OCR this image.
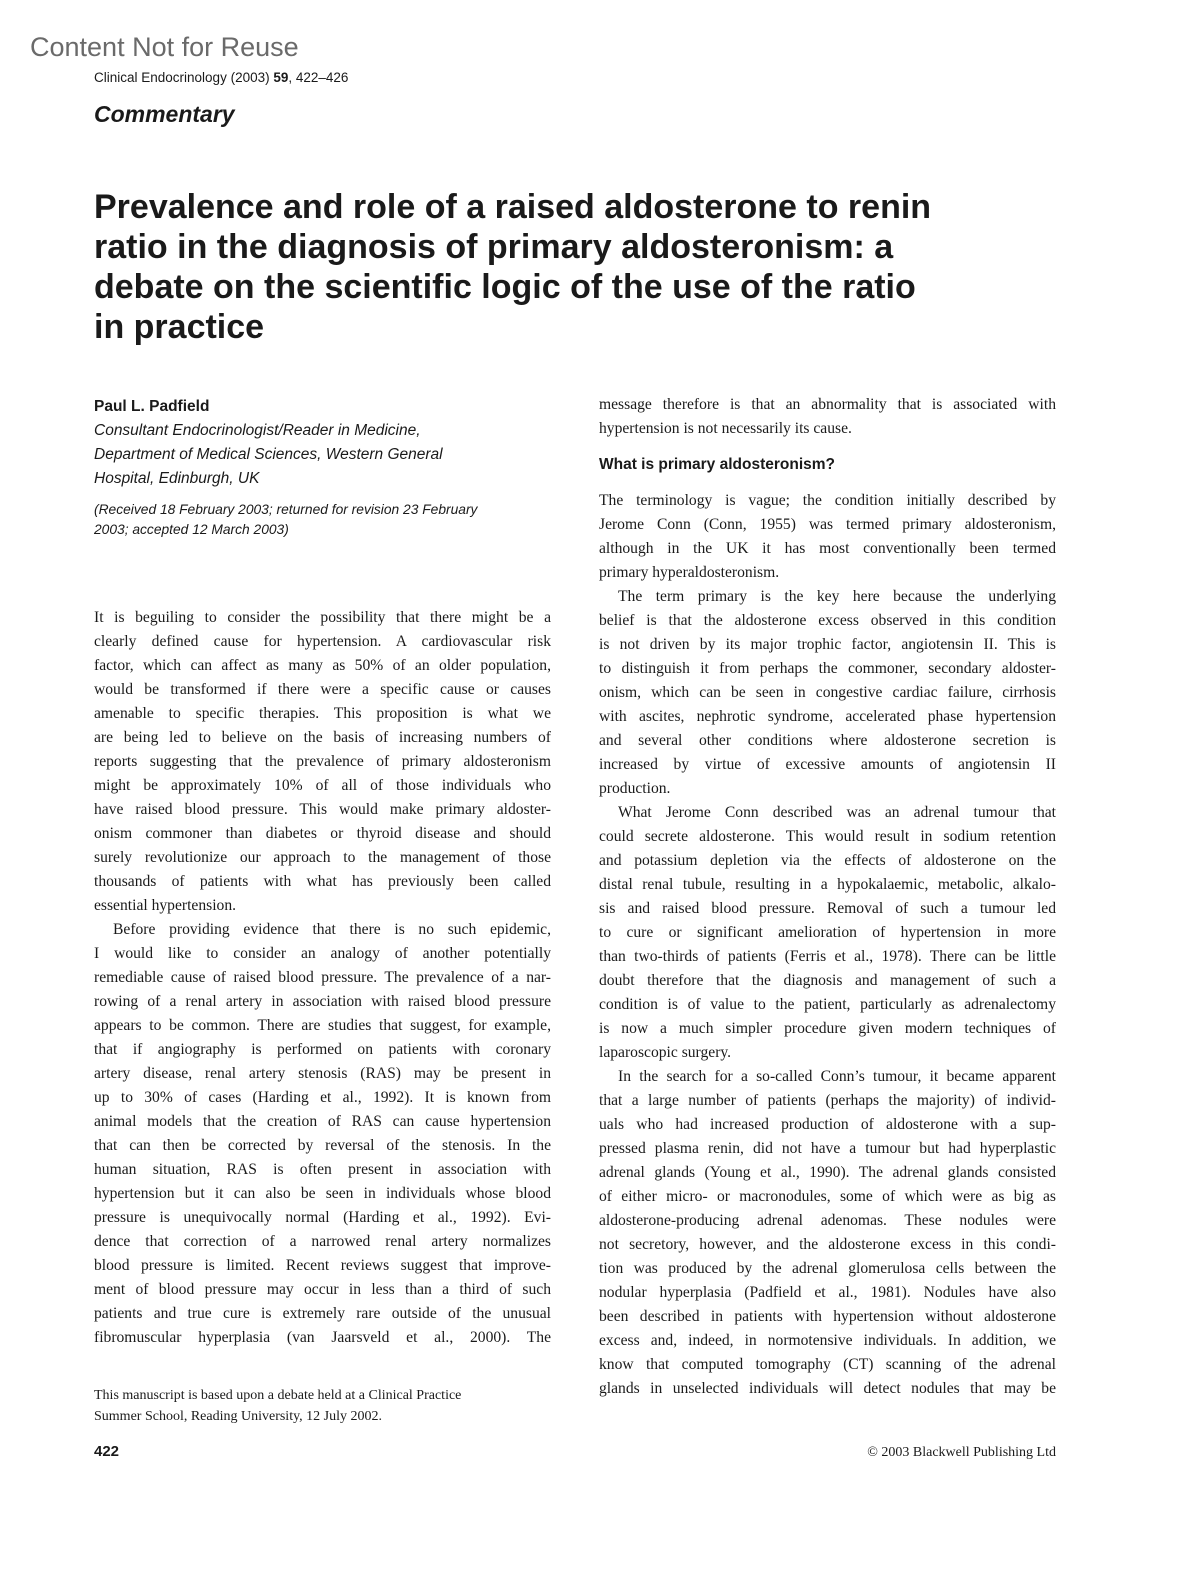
Content Not for Reuse
Clinical Endocrinology (2003) 59, 422–426
Commentary
Prevalence and role of a raised aldosterone to renin
ratio in the diagnosis of primary aldosteronism: a
debate on the scientific logic of the use of the ratio
in practice
Paul L. Padfield
Consultant Endocrinologist/Reader in Medicine,
Department of Medical Sciences, Western General
Hospital, Edinburgh, UK
(Received 18 February 2003; returned for revision 23 February
2003; accepted 12 March 2003)
It is beguiling to consider the possibility that there might be a
clearly defined cause for hypertension. A cardiovascular risk
factor, which can affect as many as 50% of an older population,
would be transformed if there were a specific cause or causes
amenable to specific therapies. This proposition is what we
are being led to believe on the basis of increasing numbers of
reports suggesting that the prevalence of primary aldosteronism
might be approximately 10% of all of those individuals who
have raised blood pressure. This would make primary aldoster-
onism commoner than diabetes or thyroid disease and should
surely revolutionize our approach to the management of those
thousands of patients with what has previously been called
essential hypertension.
Before providing evidence that there is no such epidemic,
I would like to consider an analogy of another potentially
remediable cause of raised blood pressure. The prevalence of a nar-
rowing of a renal artery in association with raised blood pressure
appears to be common. There are studies that suggest, for example,
that if angiography is performed on patients with coronary
artery disease, renal artery stenosis (RAS) may be present in
up to 30% of cases (Harding et al., 1992). It is known from
animal models that the creation of RAS can cause hypertension
that can then be corrected by reversal of the stenosis. In the
human situation, RAS is often present in association with
hypertension but it can also be seen in individuals whose blood
pressure is unequivocally normal (Harding et al., 1992). Evi-
dence that correction of a narrowed renal artery normalizes
blood pressure is limited. Recent reviews suggest that improve-
ment of blood pressure may occur in less than a third of such
patients and true cure is extremely rare outside of the unusual
fibromuscular hyperplasia (van Jaarsveld et al., 2000). The
message therefore is that an abnormality that is associated with
hypertension is not necessarily its cause.
What is primary aldosteronism?
The terminology is vague; the condition initially described by
Jerome Conn (Conn, 1955) was termed primary aldosteronism,
although in the UK it has most conventionally been termed
primary hyperaldosteronism.
The term primary is the key here because the underlying
belief is that the aldosterone excess observed in this condition
is not driven by its major trophic factor, angiotensin II. This is
to distinguish it from perhaps the commoner, secondary aldoster-
onism, which can be seen in congestive cardiac failure, cirrhosis
with ascites, nephrotic syndrome, accelerated phase hypertension
and several other conditions where aldosterone secretion is
increased by virtue of excessive amounts of angiotensin II
production.
What Jerome Conn described was an adrenal tumour that
could secrete aldosterone. This would result in sodium retention
and potassium depletion via the effects of aldosterone on the
distal renal tubule, resulting in a hypokalaemic, metabolic, alkalo-
sis and raised blood pressure. Removal of such a tumour led
to cure or significant amelioration of hypertension in more
than two-thirds of patients (Ferris et al., 1978). There can be little
doubt therefore that the diagnosis and management of such a
condition is of value to the patient, particularly as adrenalectomy
is now a much simpler procedure given modern techniques of
laparoscopic surgery.
In the search for a so-called Conn’s tumour, it became apparent
that a large number of patients (perhaps the majority) of individ-
uals who had increased production of aldosterone with a sup-
pressed plasma renin, did not have a tumour but had hyperplastic
adrenal glands (Young et al., 1990). The adrenal glands consisted
of either micro- or macronodules, some of which were as big as
aldosterone-producing adrenal adenomas. These nodules were
not secretory, however, and the aldosterone excess in this condi-
tion was produced by the adrenal glomerulosa cells between the
nodular hyperplasia (Padfield et al., 1981). Nodules have also
been described in patients with hypertension without aldosterone
excess and, indeed, in normotensive individuals. In addition, we
know that computed tomography (CT) scanning of the adrenal
glands in unselected individuals will detect nodules that may be
This manuscript is based upon a debate held at a Clinical Practice
Summer School, Reading University, 12 July 2002.
422	© 2003 Blackwell Publishing Ltd
